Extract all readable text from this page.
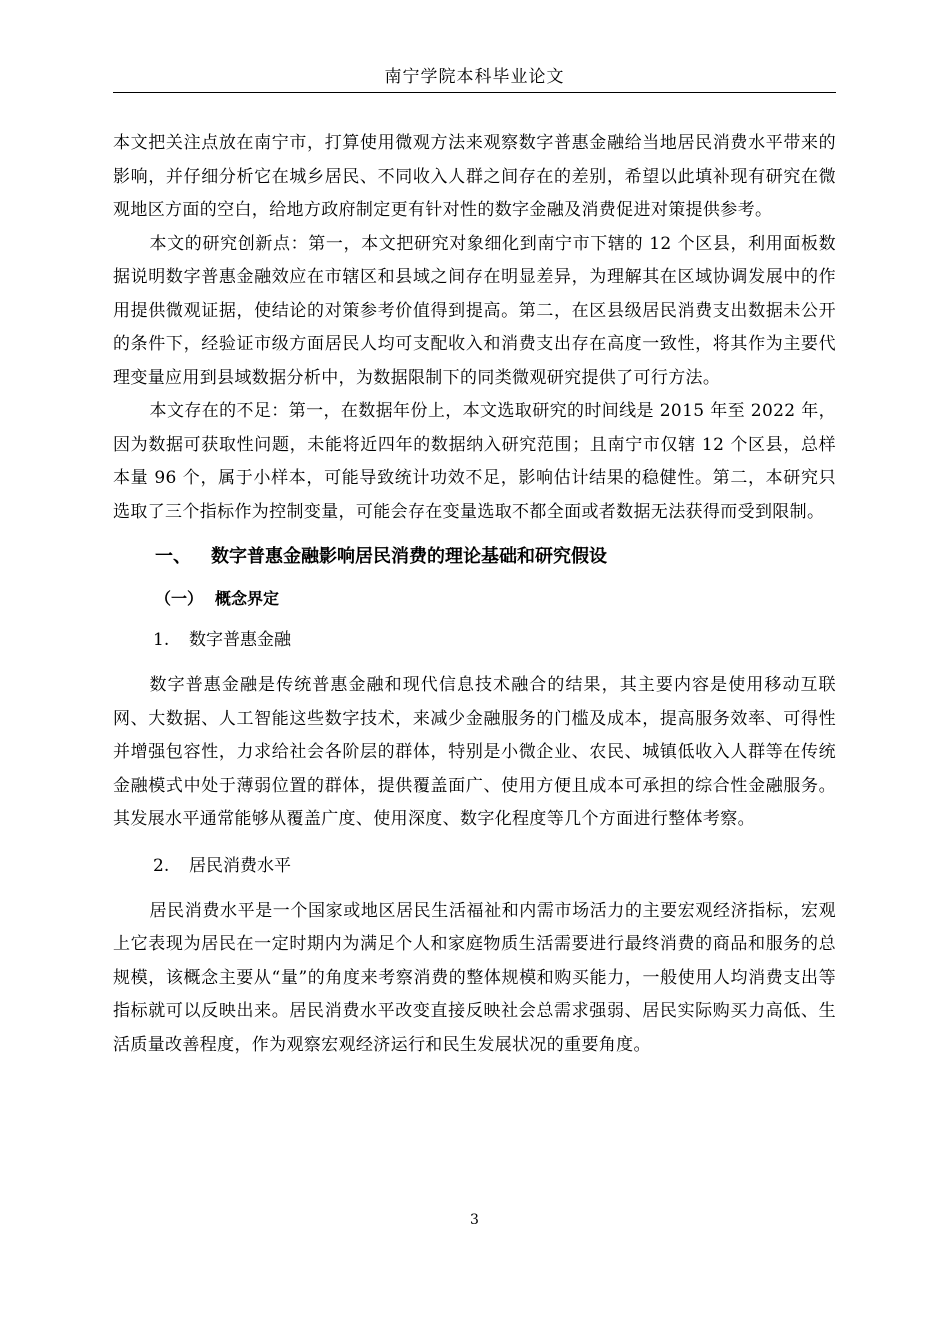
南宁学院本科毕业论文

本文把关注点放在南宁市，打算使用微观方法来观察数字普惠金融给当地居民消费水平带来的影响，并仔细分析它在城乡居民、不同收入人群之间存在的差别，希望以此填补现有研究在微观地区方面的空白，给地方政府制定更有针对性的数字金融及消费促进对策提供参考。

本文的研究创新点：第一，本文把研究对象细化到南宁市下辖的 12 个区县，利用面板数据说明数字普惠金融效应在市辖区和县域之间存在明显差异，为理解其在区域协调发展中的作用提供微观证据，使结论的对策参考价值得到提高。第二，在区县级居民消费支出数据未公开的条件下，经验证市级方面居民人均可支配收入和消费支出存在高度一致性，将其作为主要代理变量应用到县域数据分析中，为数据限制下的同类微观研究提供了可行方法。

本文存在的不足：第一，在数据年份上，本文选取研究的时间线是 2015 年至 2022 年，因为数据可获取性问题，未能将近四年的数据纳入研究范围；且南宁市仅辖 12 个区县，总样本量 96 个，属于小样本，可能导致统计功效不足，影响估计结果的稳健性。第二，本研究只选取了三个指标作为控制变量，可能会存在变量选取不都全面或者数据无法获得而受到限制。

一、 数字普惠金融影响居民消费的理论基础和研究假设
（一） 概念界定
1. 数字普惠金融

数字普惠金融是传统普惠金融和现代信息技术融合的结果，其主要内容是使用移动互联网、大数据、人工智能这些数字技术，来减少金融服务的门槛及成本，提高服务效率、可得性并增强包容性，力求给社会各阶层的群体，特别是小微企业、农民、城镇低收入人群等在传统金融模式中处于薄弱位置的群体，提供覆盖面广、使用方便且成本可承担的综合性金融服务。其发展水平通常能够从覆盖广度、使用深度、数字化程度等几个方面进行整体考察。

2. 居民消费水平

居民消费水平是一个国家或地区居民生活福祉和内需市场活力的主要宏观经济指标，宏观上它表现为居民在一定时期内为满足个人和家庭物质生活需要进行最终消费的商品和服务的总规模，该概念主要从“量”的角度来考察消费的整体规模和购买能力，一般使用人均消费支出等指标就可以反映出来。居民消费水平改变直接反映社会总需求强弱、居民实际购买力高低、生活质量改善程度，作为观察宏观经济运行和民生发展状况的重要角度。

3
